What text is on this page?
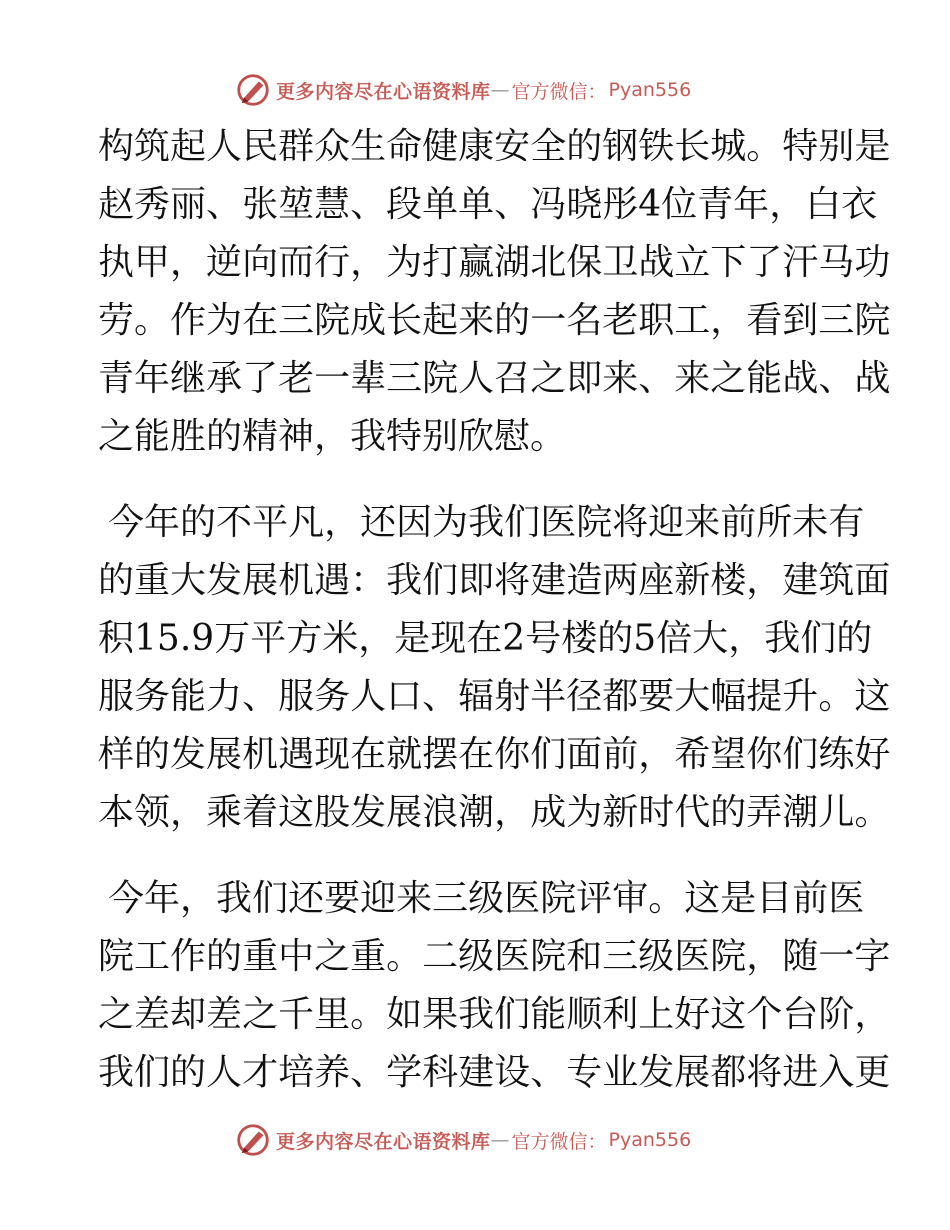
更多内容尽在心语资料库 — 官方微信： Pyan556
构 筑 起 人 民 群 众 生 命 健 康 安 全 的 钢 铁 长 城 。 特 别 是
赵 秀 丽 、 张 堃 慧 、 段 单 单 、 冯 晓 彤 4 位 青 年 ， 白 衣
执 甲 ， 逆 向 而 行 ， 为 打 赢 湖 北 保 卫 战 立 下 了 汗 马 功
劳 。 作 为 在 三 院 成 长 起 来 的 一 名 老 职 工 ， 看 到 三 院
青 年 继 承 了 老 一 辈 三 院 人 召 之 即 来 、 来 之 能 战 、 战
之能胜的精神，我特别欣慰。
今 年 的 不 平 凡 ， 还 因 为 我 们 医 院 将 迎 来 前 所 未 有
的 重 大 发 展 机 遇 ： 我 们 即 将 建 造 两 座 新 楼 ， 建 筑 面
积 15.9 万 平 方 米 ， 是 现 在 2 号 楼 的 5 倍 大 ， 我 们 的
服 务 能 力 、 服 务 人 口 、 辐 射 半 径 都 要 大 幅 提 升 。 这
样 的 发 展 机 遇 现 在 就 摆 在 你 们 面 前 ， 希 望 你 们 练 好
本 领 ， 乘 着 这 股 发 展 浪 潮 ， 成 为 新 时 代 的 弄 潮 儿 。
今 年 ， 我 们 还 要 迎 来 三 级 医 院 评 审 。 这 是 目 前 医
院 工 作 的 重 中 之 重 。 二 级 医 院 和 三 级 医 院 ， 随 一 字
之 差 却 差 之 千 里 。 如 果 我 们 能 顺 利 上 好 这 个 台 阶 ，
我 们 的 人 才 培 养 、 学 科 建 设 、 专 业 发 展 都 将 进 入 更
更多内容尽在心语资料库 — 官方微信： Pyan556
